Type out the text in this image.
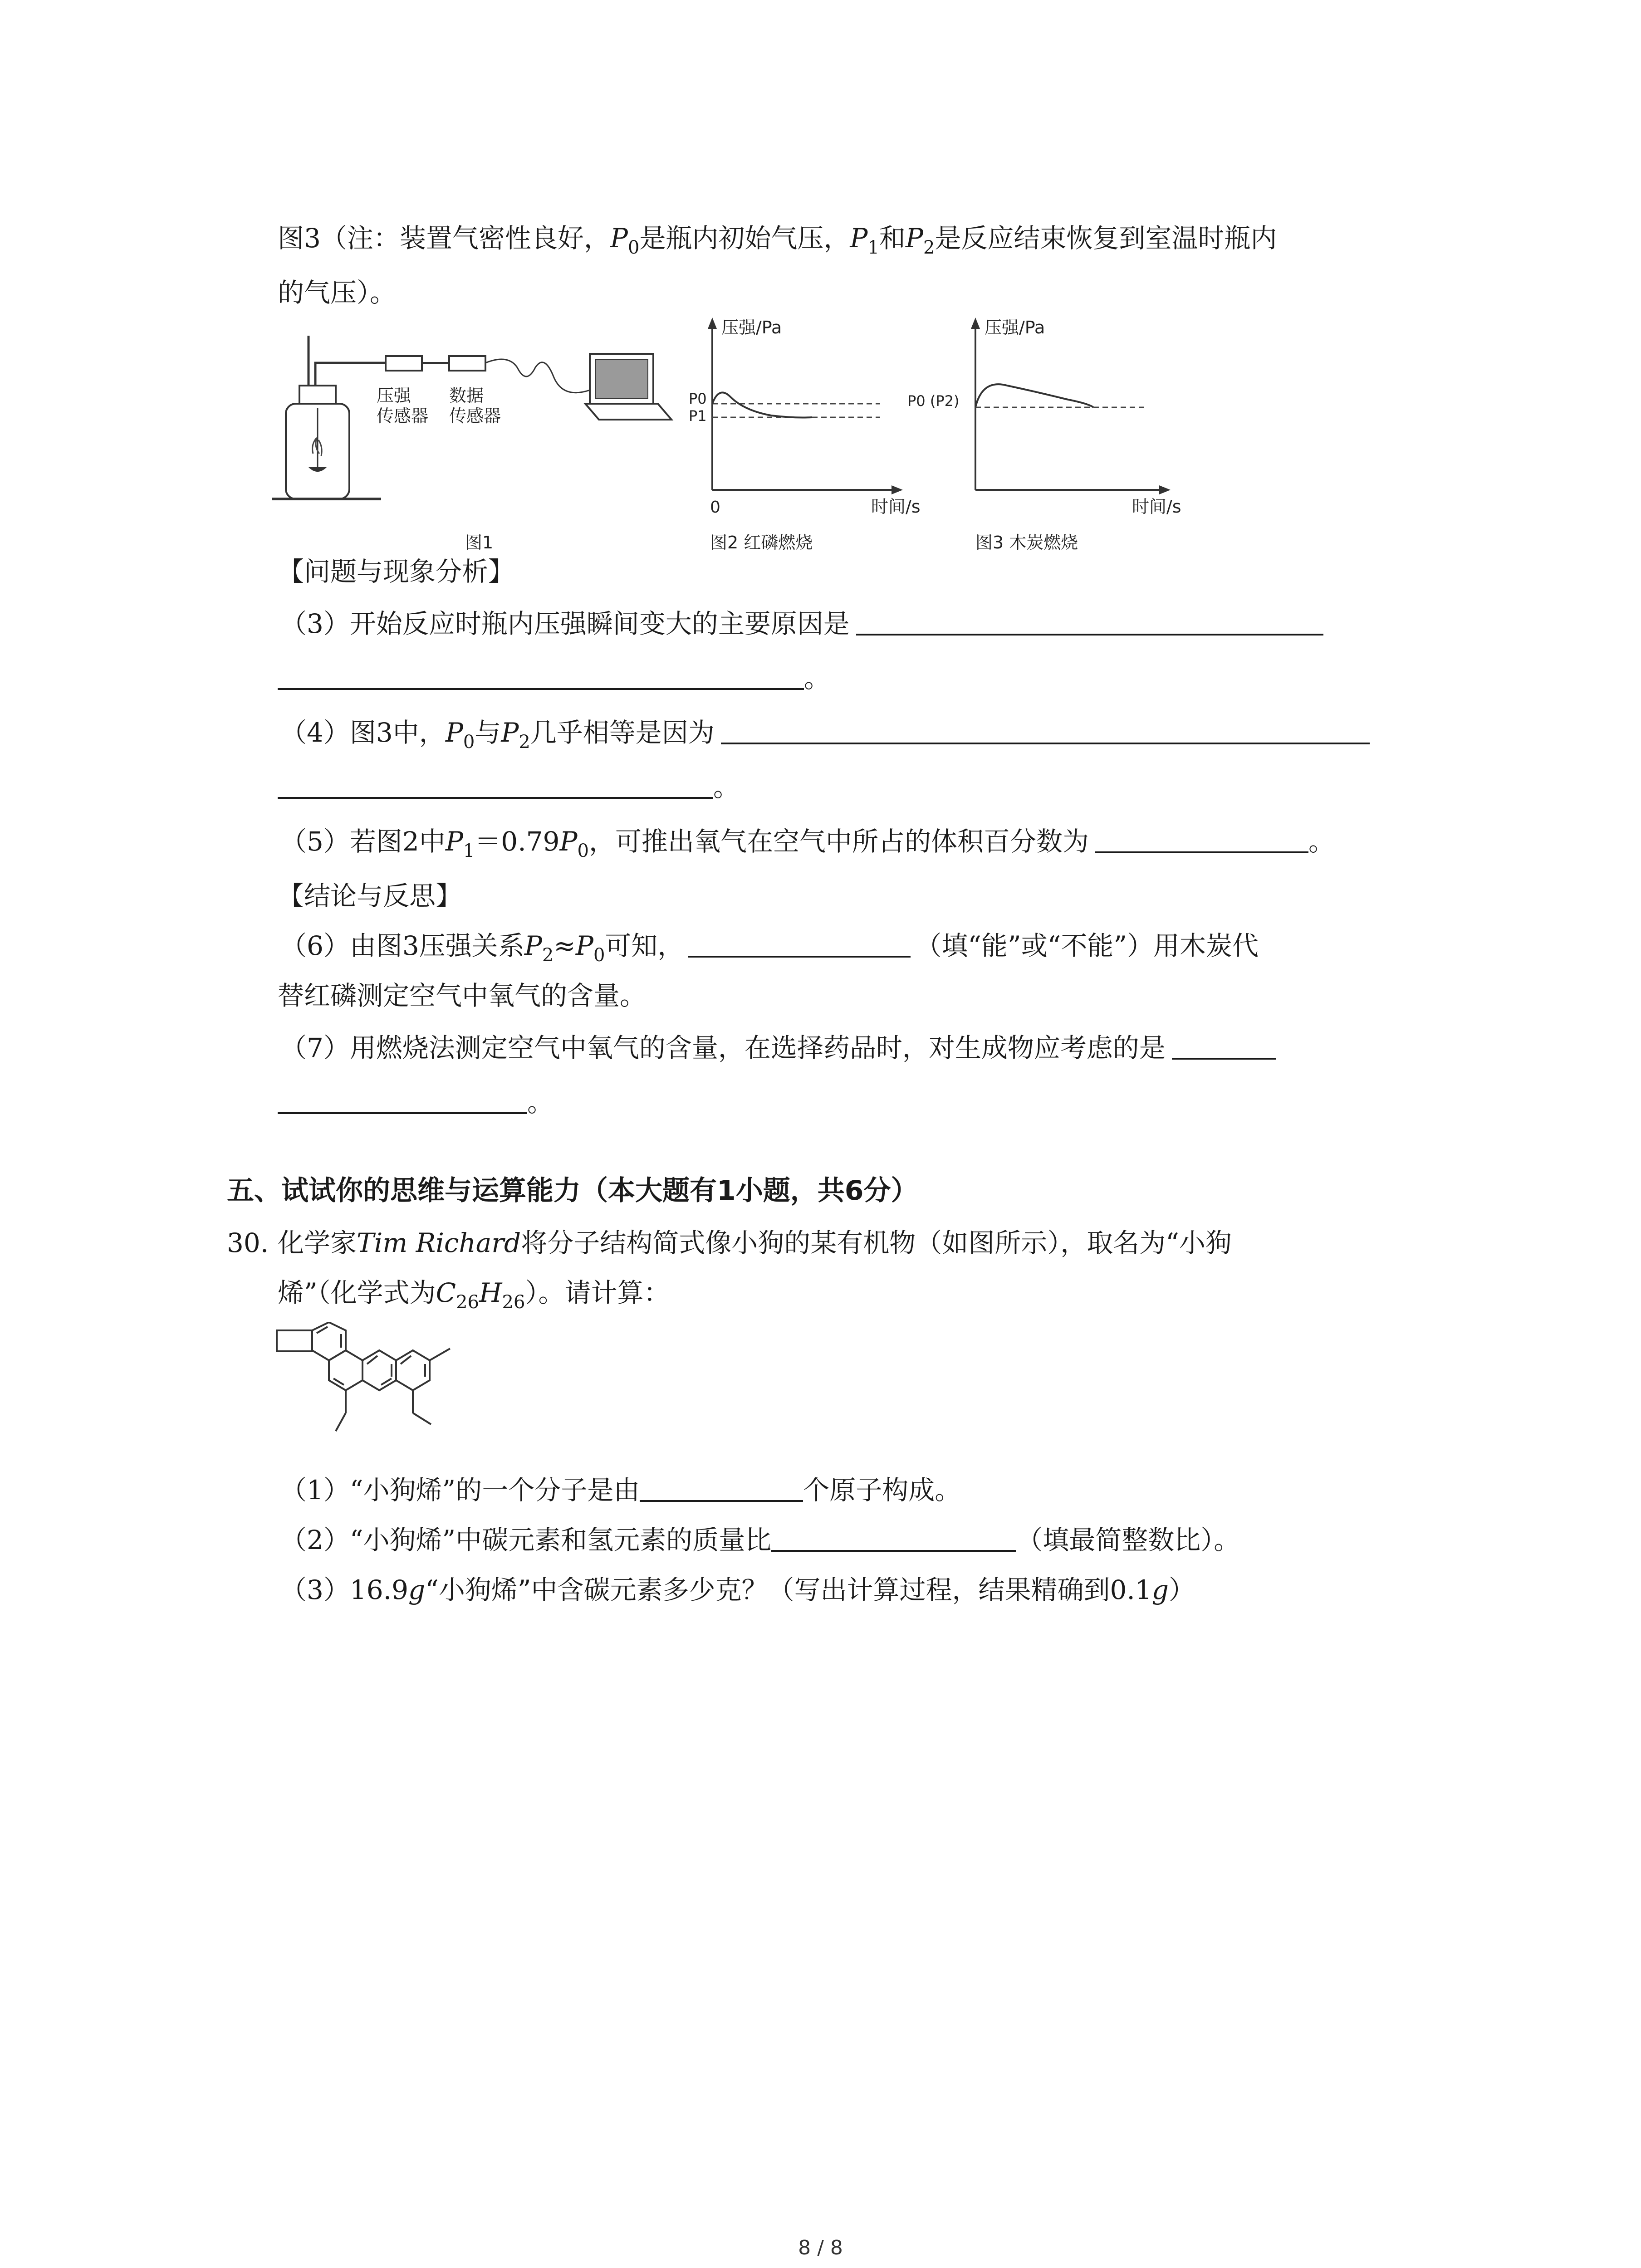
图3（注：装置气密性良好，$P_0$是瓶内初始气压，$P_1$和$P_2$是反应结束恢复到室温时瓶内
的气压）。
压强
传感器
数据
传感器
图1
压强/Pa
时间/s
0
P0
P1
图2 红磷燃烧
压强/Pa
时间/s
P0 (P2)
图3 木炭燃烧
【问题与现象分析】
（3）开始反应时瓶内压强瞬间变大的主要原因是
。
（4）图3中，$P_0$与$P_2$几乎相等是因为
。
（5）若图2中$P_1=0.79P_0$，可推出氧气在空气中所占的体积百分数为	。
【结论与反思】
（6）由图3压强关系$P_2\approx P_0$可知，	（填“能”或“不能”）用木炭代
替红磷测定空气中氧气的含量。
（7）用燃烧法测定空气中氧气的含量，在选择药品时，对生成物应考虑的是
。
五、试试你的思维与运算能力（本大题有1小题，共6分）
30. 化学家Tim Richard将分子结构简式像小狗的某有机物（如图所示），取名为“小狗
烯”（化学式为$C_{26}H_{26}$）。请计算：
（1）“小狗烯”的一个分子是由	个原子构成。
（2）“小狗烯”中碳元素和氢元素的质量比	（填最简整数比）。
（3）16.9g“小狗烯”中含碳元素多少克？（写出计算过程，结果精确到0.1g）
8 / 8
